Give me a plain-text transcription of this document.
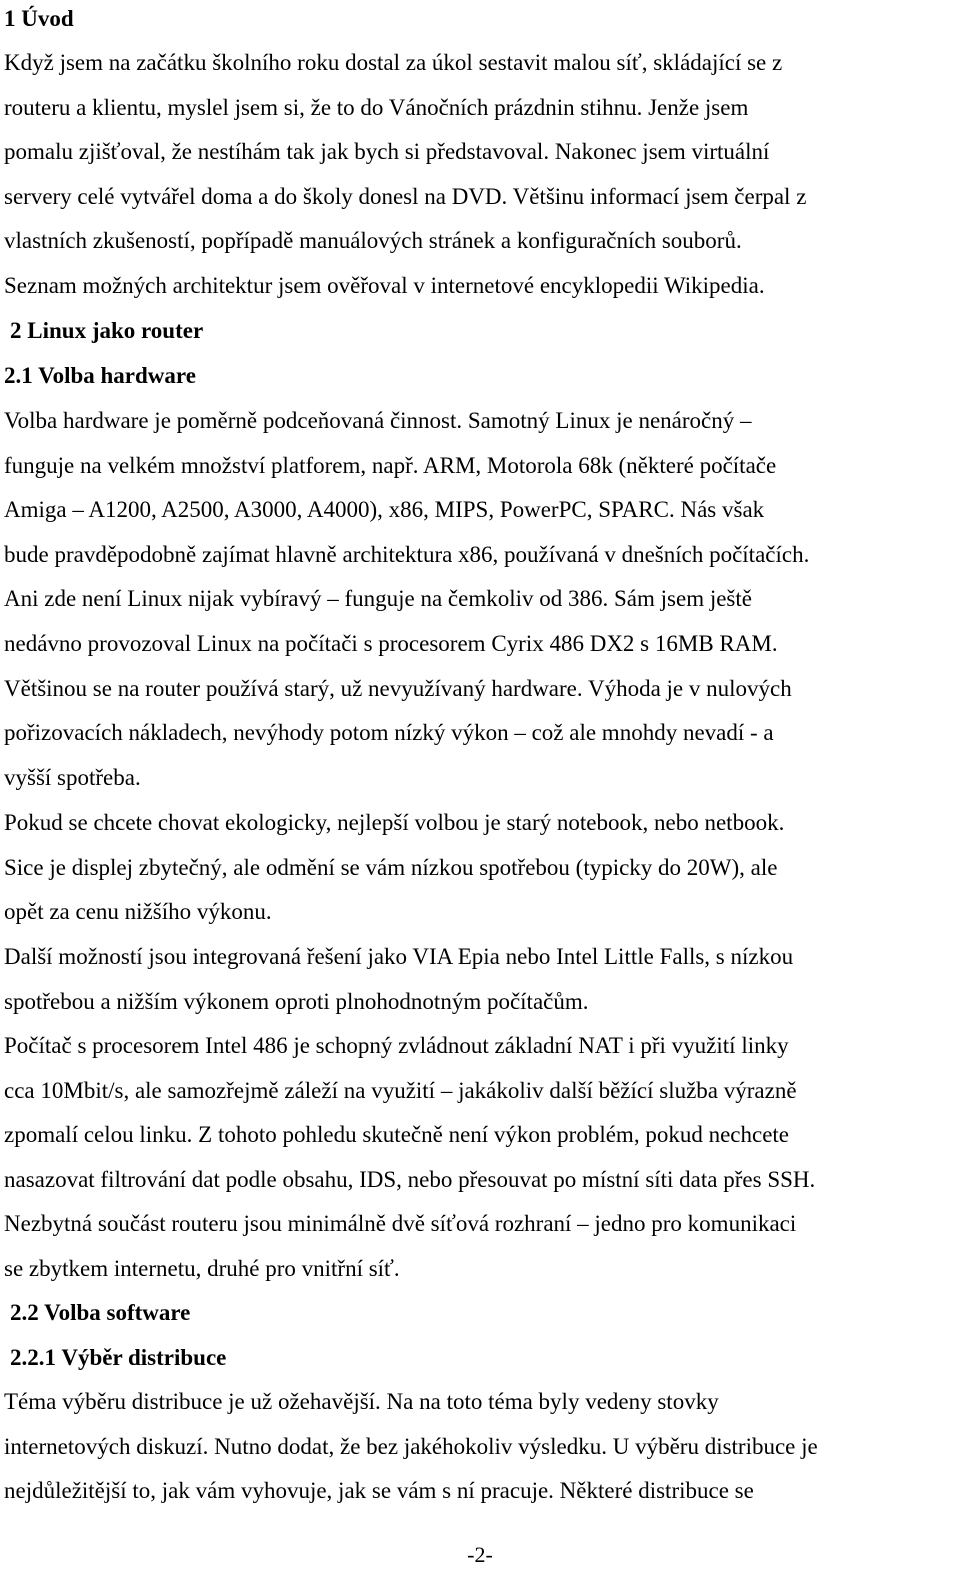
1 Úvod
Když jsem na začátku školního roku dostal za úkol sestavit malou síť, skládající se z
routeru a klientu, myslel jsem si, že to do Vánočních prázdnin stihnu. Jenže jsem
pomalu zjišťoval, že nestíhám tak jak bych si představoval. Nakonec jsem virtuální
servery celé vytvářel doma a do školy donesl na DVD. Většinu informací jsem čerpal z
vlastních zkušeností, popřípadě manuálových stránek a konfiguračních souborů.
Seznam možných architektur jsem ověřoval v internetové encyklopedii Wikipedia.
2 Linux jako router
2.1 Volba hardware
Volba hardware je poměrně podceňovaná činnost. Samotný Linux je nenáročný –
funguje na velkém množství platforem, např. ARM, Motorola 68k (některé počítače
Amiga – A1200, A2500, A3000, A4000), x86, MIPS, PowerPC, SPARC. Nás však
bude pravděpodobně zajímat hlavně architektura x86, používaná v dnešních počítačích.
Ani zde není Linux nijak vybíravý – funguje na čemkoliv od 386. Sám jsem ještě
nedávno provozoval Linux na počítači s procesorem Cyrix 486 DX2 s 16MB RAM.
Většinou se na router používá starý, už nevyužívaný hardware. Výhoda je v nulových
pořizovacích nákladech, nevýhody potom nízký výkon – což ale mnohdy nevadí - a
vyšší spotřeba.
Pokud se chcete chovat ekologicky, nejlepší volbou je starý notebook, nebo netbook.
Sice je displej zbytečný, ale odmění se vám nízkou spotřebou (typicky do 20W), ale
opět za cenu nižšího výkonu.
Další možností jsou integrovaná řešení jako VIA Epia nebo Intel Little Falls, s nízkou
spotřebou a nižším výkonem oproti plnohodnotným počítačům.
Počítač s procesorem Intel 486 je schopný zvládnout základní NAT i při využití linky
cca 10Mbit/s, ale samozřejmě záleží na využití – jakákoliv další běžící služba výrazně
zpomalí celou linku. Z tohoto pohledu skutečně není výkon problém, pokud nechcete
nasazovat filtrování dat podle obsahu, IDS, nebo přesouvat po místní síti data přes SSH.
Nezbytná součást routeru jsou minimálně dvě síťová rozhraní – jedno pro komunikaci
se zbytkem internetu, druhé pro vnitřní síť.
2.2 Volba software
2.2.1 Výběr distribuce
Téma výběru distribuce je už ožehavější. Na na toto téma byly vedeny stovky
internetových diskuzí. Nutno dodat, že bez jakéhokoliv výsledku. U výběru distribuce je
nejdůležitější to, jak vám vyhovuje, jak se vám s ní pracuje. Některé distribuce se
-2-
